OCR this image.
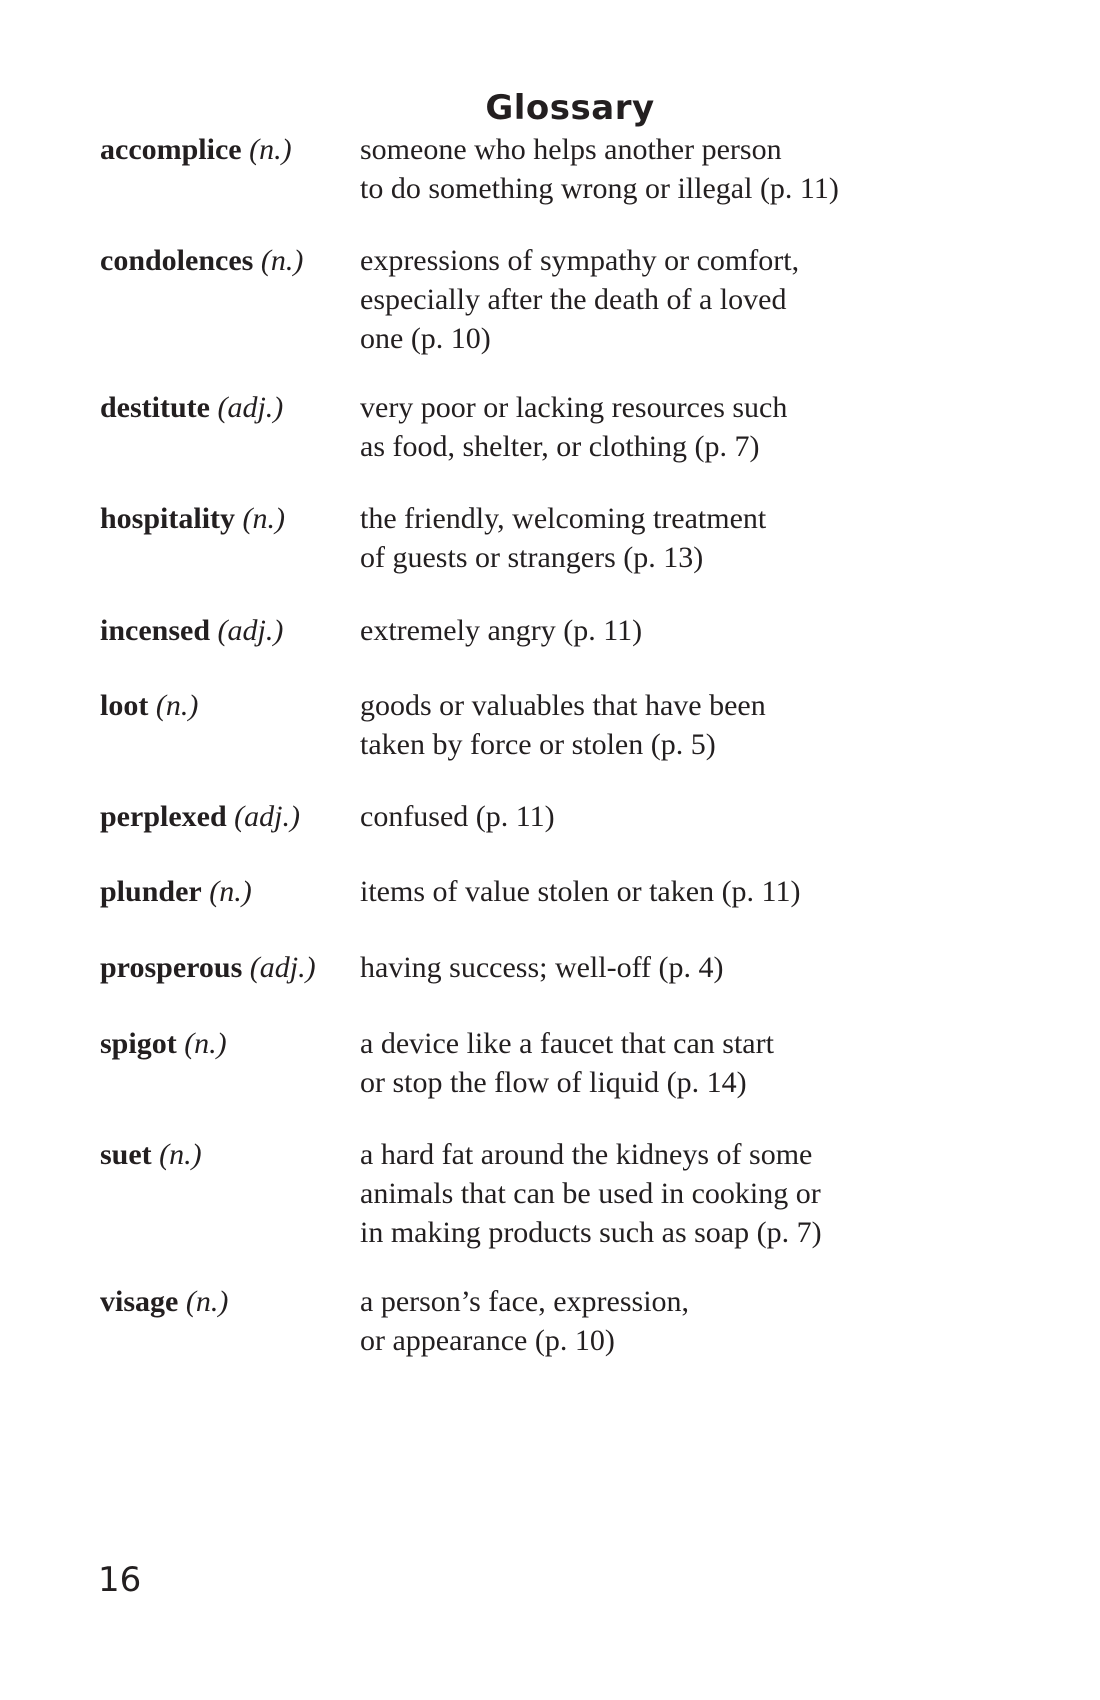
Glossary
accomplice (n.)	someone who helps another person
to do something wrong or illegal (p. 11)
condolences (n.)	expressions of sympathy or comfort,
especially after the death of a loved
one (p. 10)
destitute (adj.)	very poor or lacking resources such
as food, shelter, or clothing (p. 7)
hospitality (n.)	the friendly, welcoming treatment
of guests or strangers (p. 13)
incensed (adj.)	extremely angry (p. 11)
loot (n.)	goods or valuables that have been
taken by force or stolen (p. 5)
perplexed (adj.)	confused (p. 11)
plunder (n.)	items of value stolen or taken (p. 11)
prosperous (adj.)	having success; well-off (p. 4)
spigot (n.)	a device like a faucet that can start
or stop the flow of liquid (p. 14)
suet (n.)	a hard fat around the kidneys of some
animals that can be used in cooking or
in making products such as soap (p. 7)
visage (n.)	a person’s face, expression,
or appearance (p. 10)

16
